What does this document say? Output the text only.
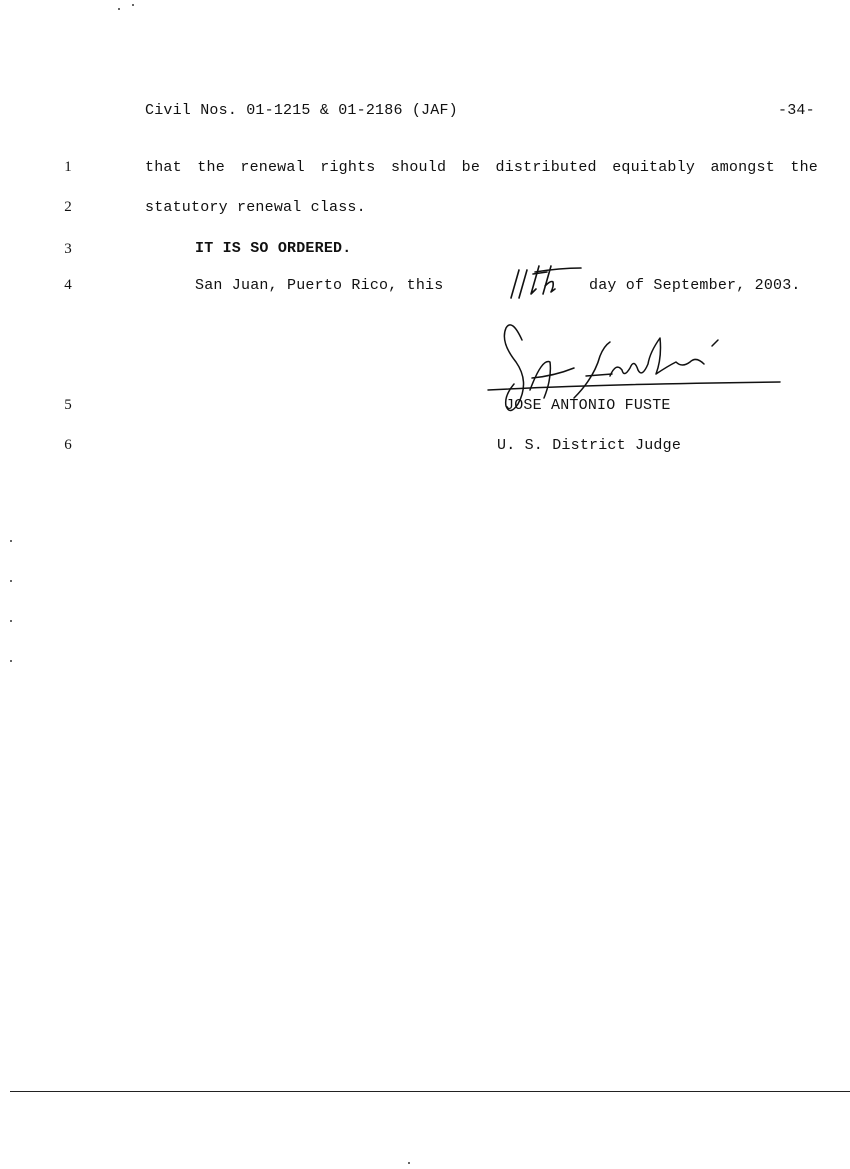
Civil Nos. 01-1215 & 01-2186 (JAF)	-34-
1
2
3
4
5
6
that the renewal rights should be distributed equitably amongst the
statutory renewal class.
IT IS SO ORDERED.
San Juan, Puerto Rico, this	day of September, 2003.
JOSE ANTONIO FUSTE
U. S. District Judge
